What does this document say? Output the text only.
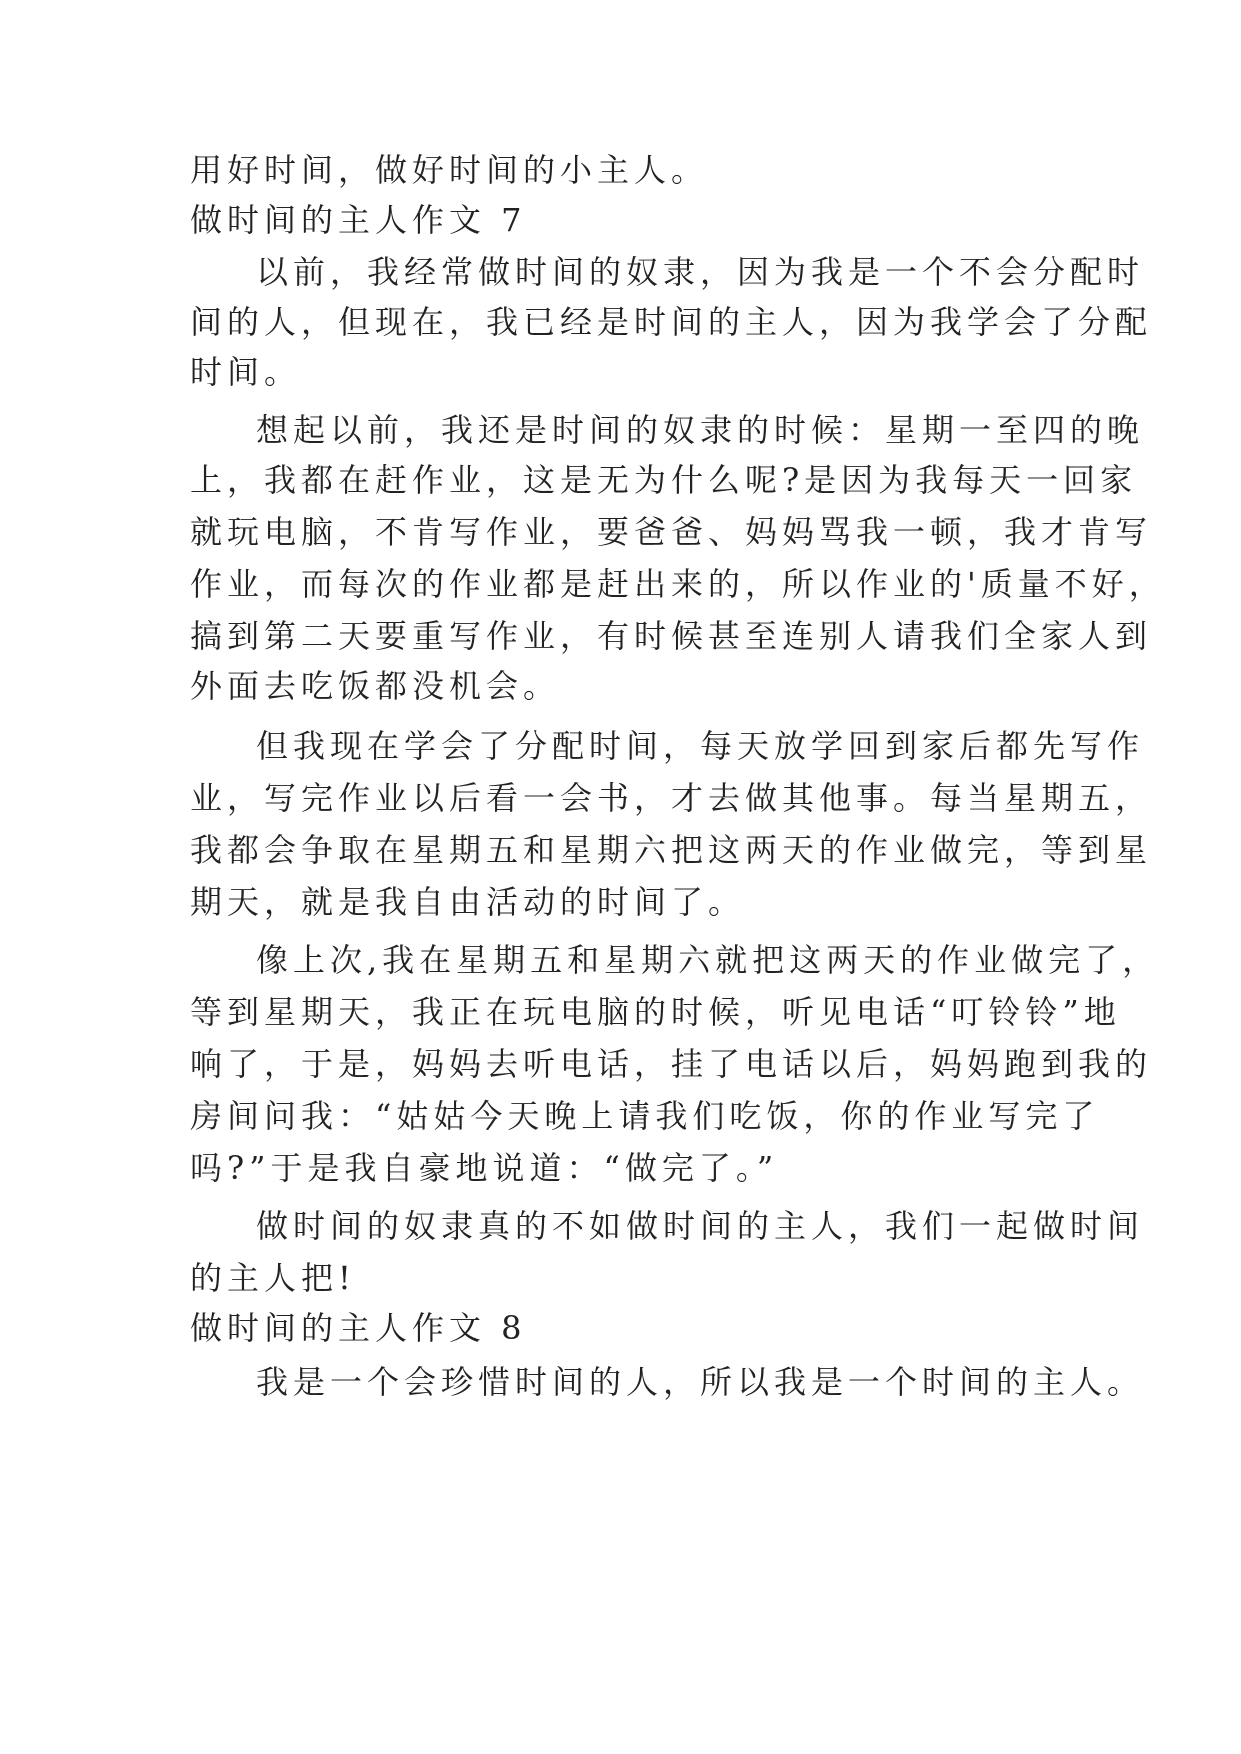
用好时间，做好时间的小主人。
做时间的主人作文 7
以前，我经常做时间的奴隶，因为我是一个不会分配时
间的人，但现在，我已经是时间的主人，因为我学会了分配
时间。
想起以前，我还是时间的奴隶的时候：星期一至四的晚
上，我都在赶作业，这是无为什么呢?是因为我每天一回家
就玩电脑，不肯写作业，要爸爸、妈妈骂我一顿，我才肯写
作业，而每次的作业都是赶出来的，所以作业的'质量不好，
搞到第二天要重写作业，有时候甚至连别人请我们全家人到
外面去吃饭都没机会。
但我现在学会了分配时间，每天放学回到家后都先写作
业，写完作业以后看一会书，才去做其他事。每当星期五，
我都会争取在星期五和星期六把这两天的作业做完，等到星
期天，就是我自由活动的时间了。
像上次,我在星期五和星期六就把这两天的作业做完了，
等到星期天，我正在玩电脑的时候，听见电话“叮铃铃”地
响了，于是，妈妈去听电话，挂了电话以后，妈妈跑到我的
房间问我：“姑姑今天晚上请我们吃饭，你的作业写完了
吗?”于是我自豪地说道：“做完了。”
做时间的奴隶真的不如做时间的主人，我们一起做时间
的主人把!
做时间的主人作文 8
我是一个会珍惜时间的人，所以我是一个时间的主人。
